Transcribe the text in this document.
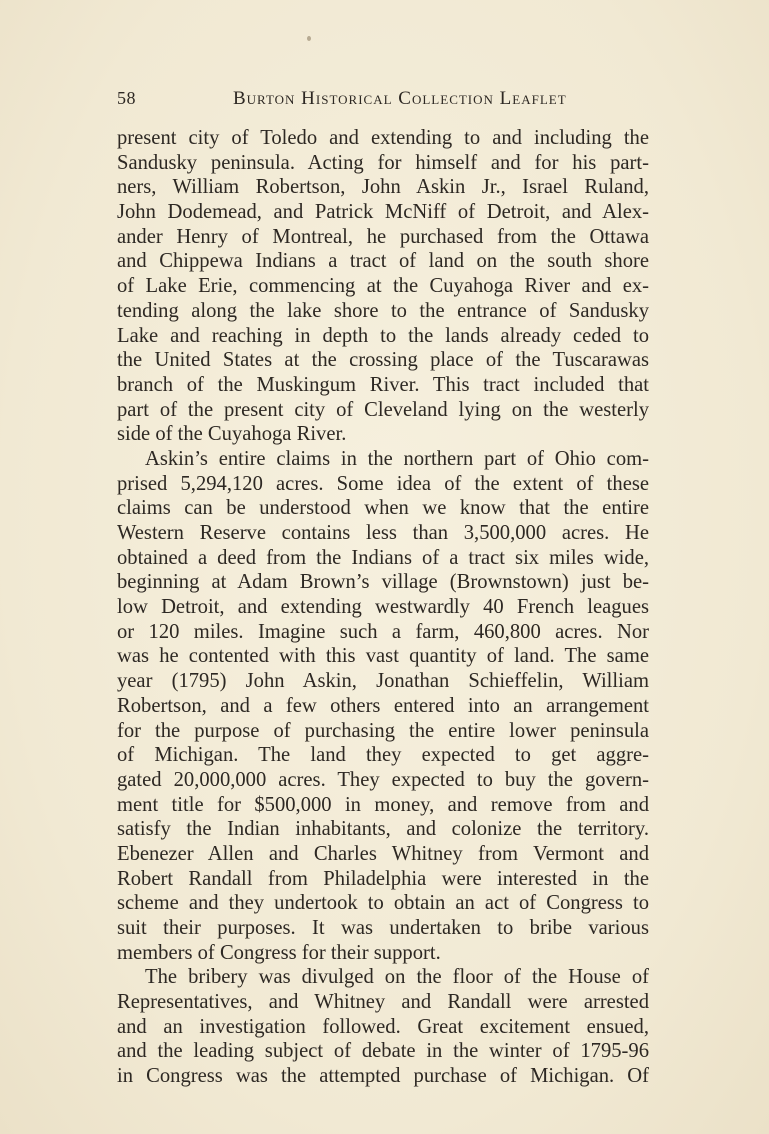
58	Burton Historical Collection Leaflet
present city of Toledo and extending to and including the
Sandusky peninsula. Acting for himself and for his part-
ners, William Robertson, John Askin Jr., Israel Ruland,
John Dodemead, and Patrick McNiff of Detroit, and Alex-
ander Henry of Montreal, he purchased from the Ottawa
and Chippewa Indians a tract of land on the south shore
of Lake Erie, commencing at the Cuyahoga River and ex-
tending along the lake shore to the entrance of Sandusky
Lake and reaching in depth to the lands already ceded to
the United States at the crossing place of the Tuscarawas
branch of the Muskingum River. This tract included that
part of the present city of Cleveland lying on the westerly
side of the Cuyahoga River.
Askin’s entire claims in the northern part of Ohio com-
prised 5,294,120 acres. Some idea of the extent of these
claims can be understood when we know that the entire
Western Reserve contains less than 3,500,000 acres. He
obtained a deed from the Indians of a tract six miles wide,
beginning at Adam Brown’s village (Brownstown) just be-
low Detroit, and extending westwardly 40 French leagues
or 120 miles. Imagine such a farm, 460,800 acres. Nor
was he contented with this vast quantity of land. The same
year (1795) John Askin, Jonathan Schieffelin, William
Robertson, and a few others entered into an arrangement
for the purpose of purchasing the entire lower peninsula
of Michigan. The land they expected to get aggre-
gated 20,000,000 acres. They expected to buy the govern-
ment title for $500,000 in money, and remove from and
satisfy the Indian inhabitants, and colonize the territory.
Ebenezer Allen and Charles Whitney from Vermont and
Robert Randall from Philadelphia were interested in the
scheme and they undertook to obtain an act of Congress to
suit their purposes. It was undertaken to bribe various
members of Congress for their support.
The bribery was divulged on the floor of the House of
Representatives, and Whitney and Randall were arrested
and an investigation followed. Great excitement ensued,
and the leading subject of debate in the winter of 1795-96
in Congress was the attempted purchase of Michigan. Of
